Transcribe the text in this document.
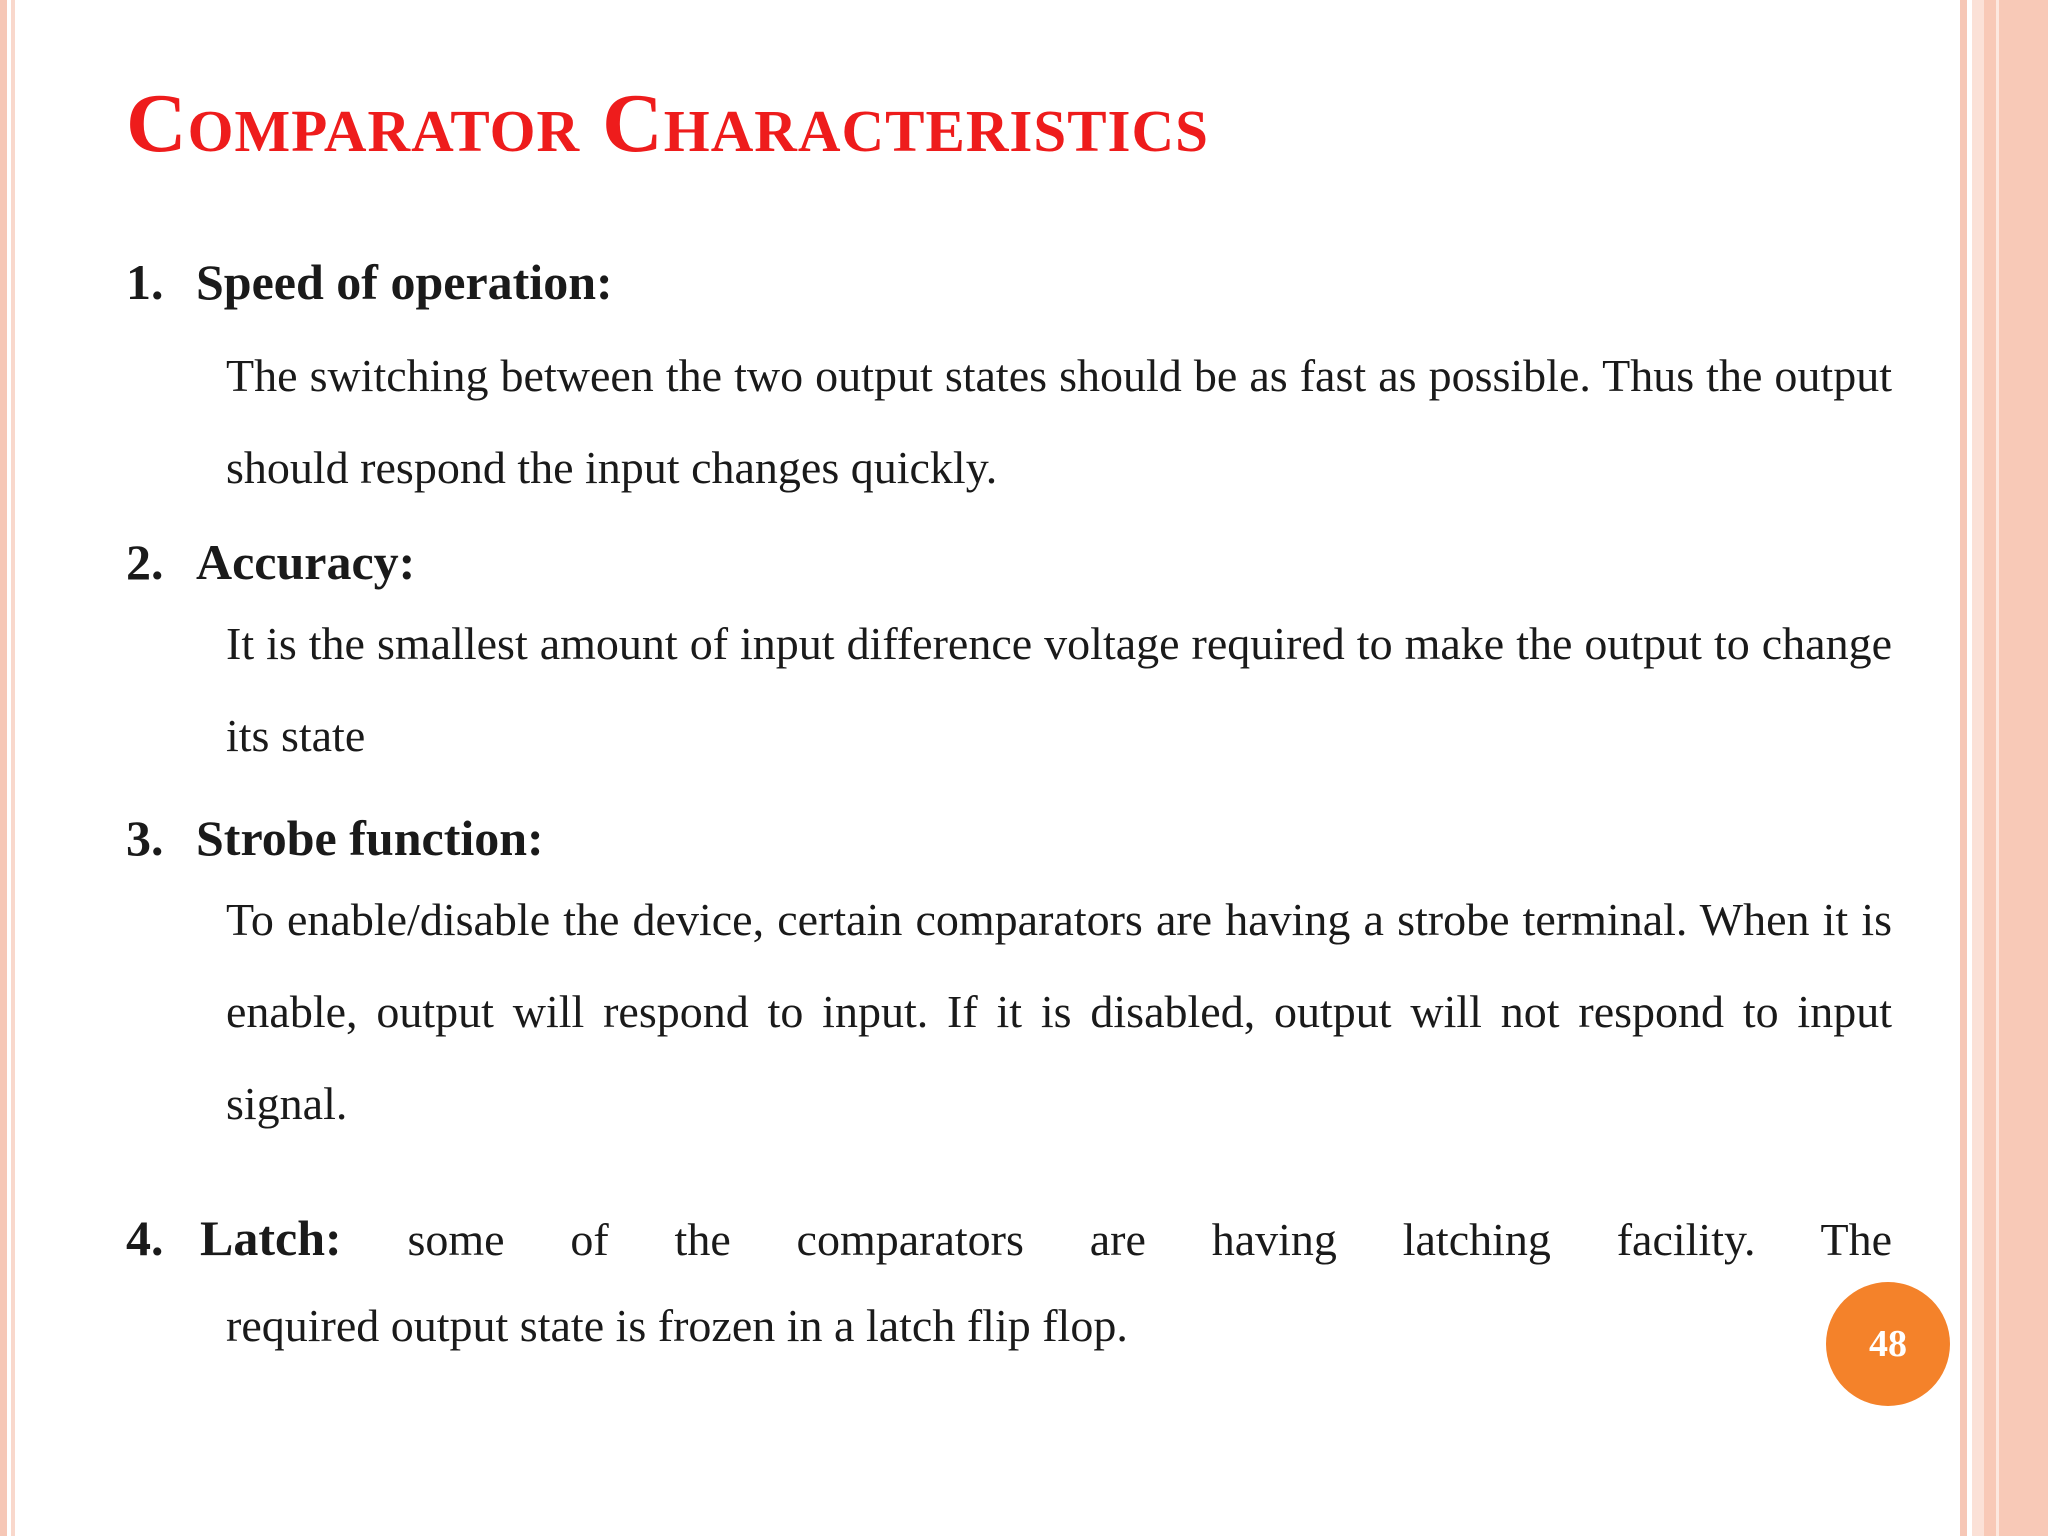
Comparator Characteristics
1. Speed of operation:
The switching between the two output states should be as fast as possible. Thus the output should respond the input changes quickly.
2. Accuracy:
It is the smallest amount of input difference voltage required to make the output to change its state
3. Strobe function:
To enable/disable the device, certain comparators are having a strobe terminal. When it is enable, output will respond to input. If it is disabled, output will not respond to input signal.
4. Latch: some of the comparators are having latching facility. The
required output state is frozen in a latch flip flop.	48
